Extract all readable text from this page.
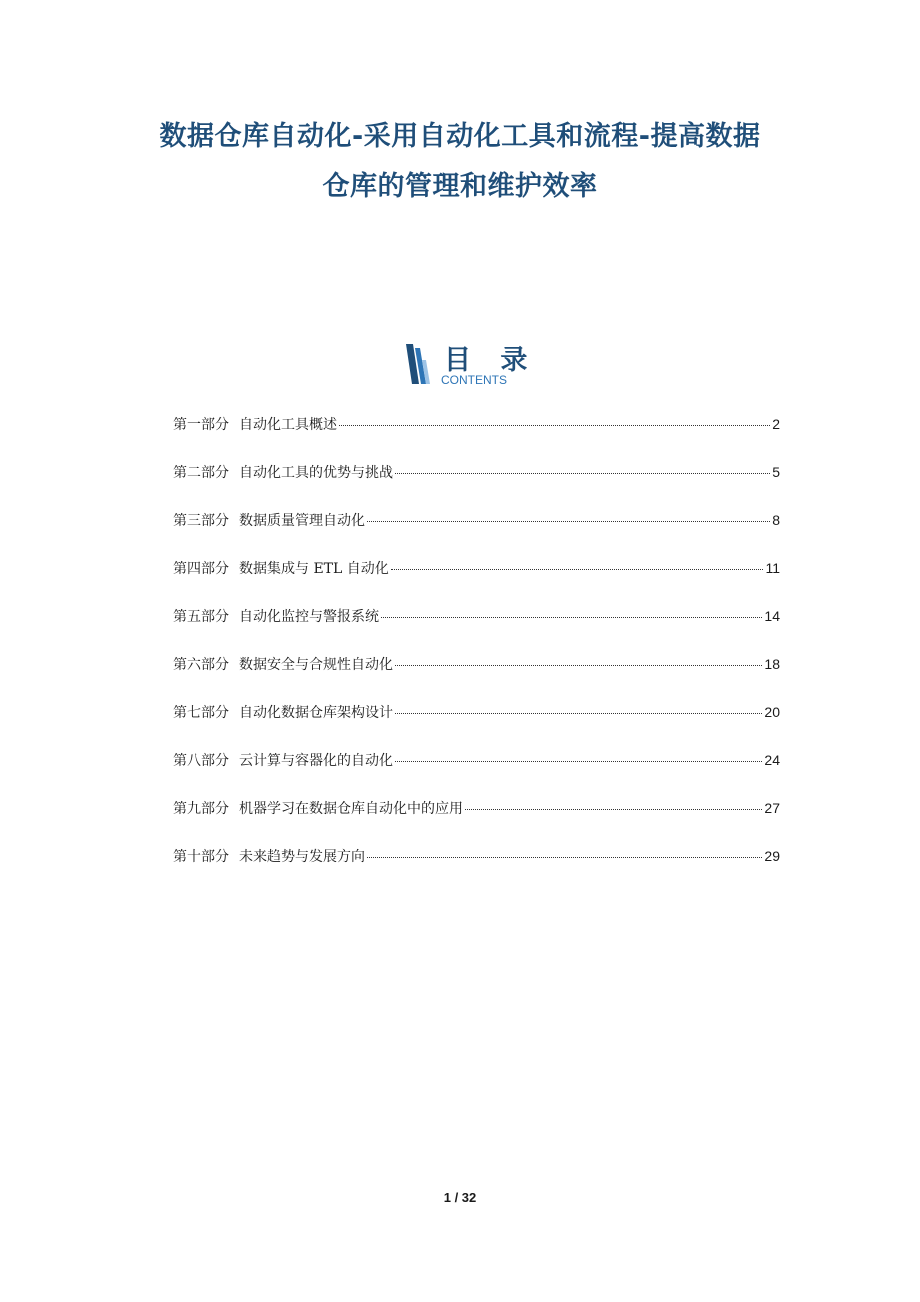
数据仓库自动化-采用自动化工具和流程-提高数据
仓库的管理和维护效率
目 录
CONTENTS
第一部分 自动化工具概述	2
第二部分 自动化工具的优势与挑战	5
第三部分 数据质量管理自动化	8
第四部分 数据集成与 ETL 自动化	11
第五部分 自动化监控与警报系统	14
第六部分 数据安全与合规性自动化	18
第七部分 自动化数据仓库架构设计	20
第八部分 云计算与容器化的自动化	24
第九部分 机器学习在数据仓库自动化中的应用	27
第十部分 未来趋势与发展方向	29
1 / 32
